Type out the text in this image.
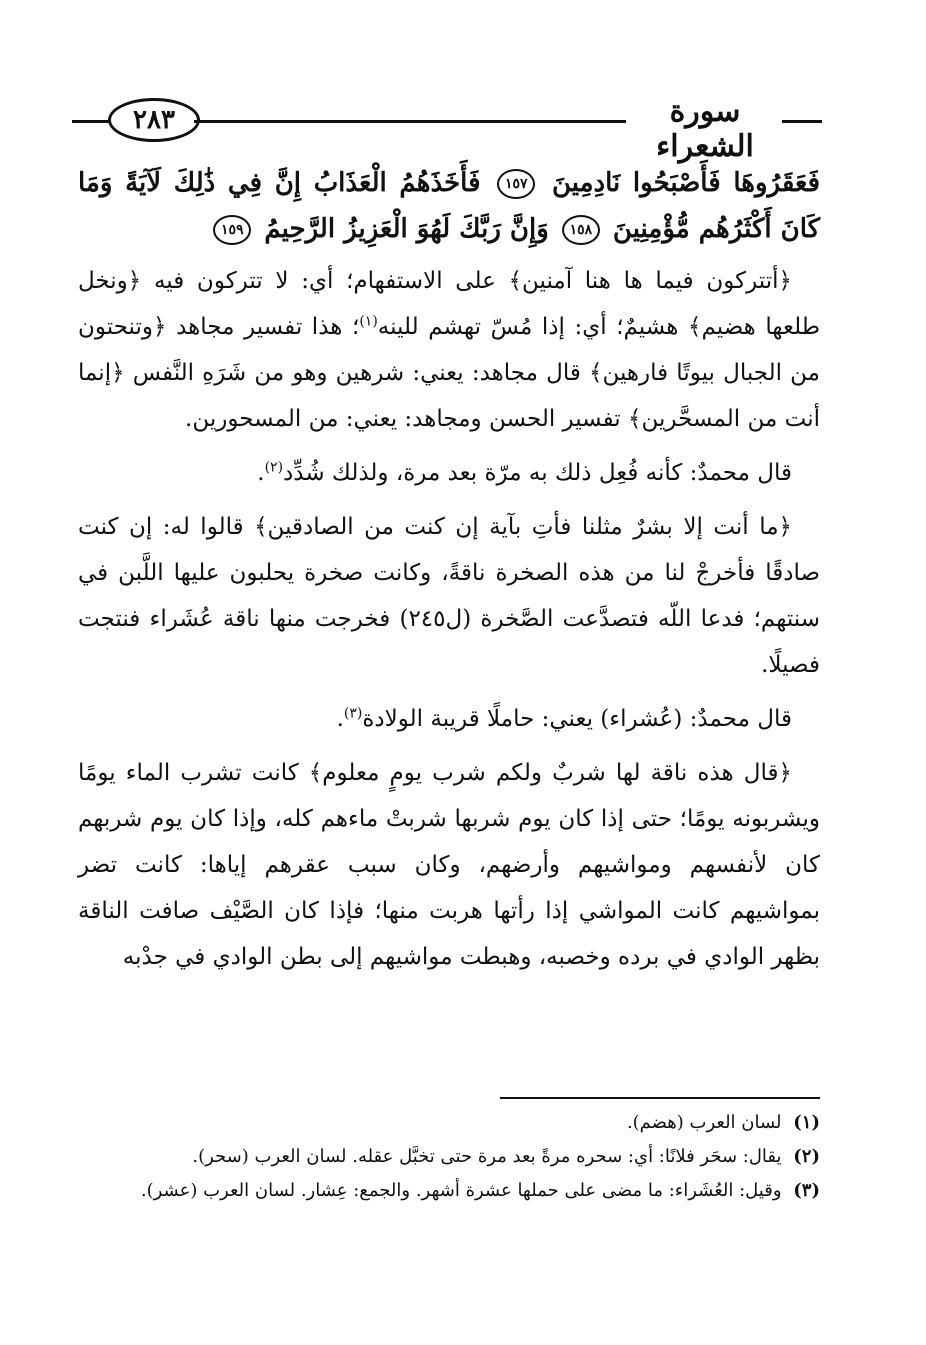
٢٨٣	سورة الشعراء

فَعَقَرُوهَا فَأَصْبَحُوا نَادِمِينَ ١٥٧ فَأَخَذَهُمُ الْعَذَابُ إِنَّ فِي ذَٰلِكَ لَآيَةً وَمَا كَانَ أَكْثَرُهُم مُّؤْمِنِينَ ١٥٨ وَإِنَّ رَبَّكَ لَهُوَ الْعَزِيزُ الرَّحِيمُ ١٥٩

﴿أتتركون فيما ها هنا آمنين﴾ على الاستفهام؛ أي: لا تتركون فيه ﴿ونخل طلعها هضيم﴾ هشيمٌ؛ أي: إذا مُسّ تهشم للينه$^{(١)}$؛ هذا تفسير مجاهد ﴿وتنحتون من الجبال بيوتًا فارهين﴾ قال مجاهد: يعني: شرهين وهو من شَرَهِ النَّفس ﴿إنما أنت من المسحَّرين﴾ تفسير الحسن ومجاهد: يعني: من المسحورين.

قال محمدٌ: كأنه فُعِل ذلك به مرّة بعد مرة، ولذلك شُدِّد$^{(٢)}$.

﴿ما أنت إلا بشرٌ مثلنا فأتِ بآية إن كنت من الصادقين﴾ قالوا له: إن كنت صادقًا فأخرجْ لنا من هذه الصخرة ناقةً، وكانت صخرة يحلبون عليها اللَّبن في سنتهم؛ فدعا اللّه فتصدَّعت الصَّخرة (ل٢٤٥) فخرجت منها ناقة عُشَراء فنتجت فصيلًا.

قال محمدٌ: (عُشراء) يعني: حاملًا قريبة الولادة$^{(٣)}$.

﴿قال هذه ناقة لها شربٌ ولكم شرب يومٍ معلوم﴾ كانت تشرب الماء يومًا ويشربونه يومًا؛ حتى إذا كان يوم شربها شربتْ ماءهم كله، وإذا كان يوم شربهم كان لأنفسهم ومواشيهم وأرضهم، وكان سبب عقرهم إياها: كانت تضر بمواشيهم كانت المواشي إذا رأتها هربت منها؛ فإذا كان الصَّيْف صافت الناقة بظهر الوادي في برده وخصبه، وهبطت مواشيهم إلى بطن الوادي في جدْبه

(١) لسان العرب (هضم).

(٢) يقال: سحَر فلانًا: أي: سحره مرةً بعد مرة حتى تخبَّل عقله. لسان العرب (سحر).

(٣) وقيل: العُشَراء: ما مضى على حملها عشرة أشهر. والجمع: عِشار. لسان العرب (عشر).
